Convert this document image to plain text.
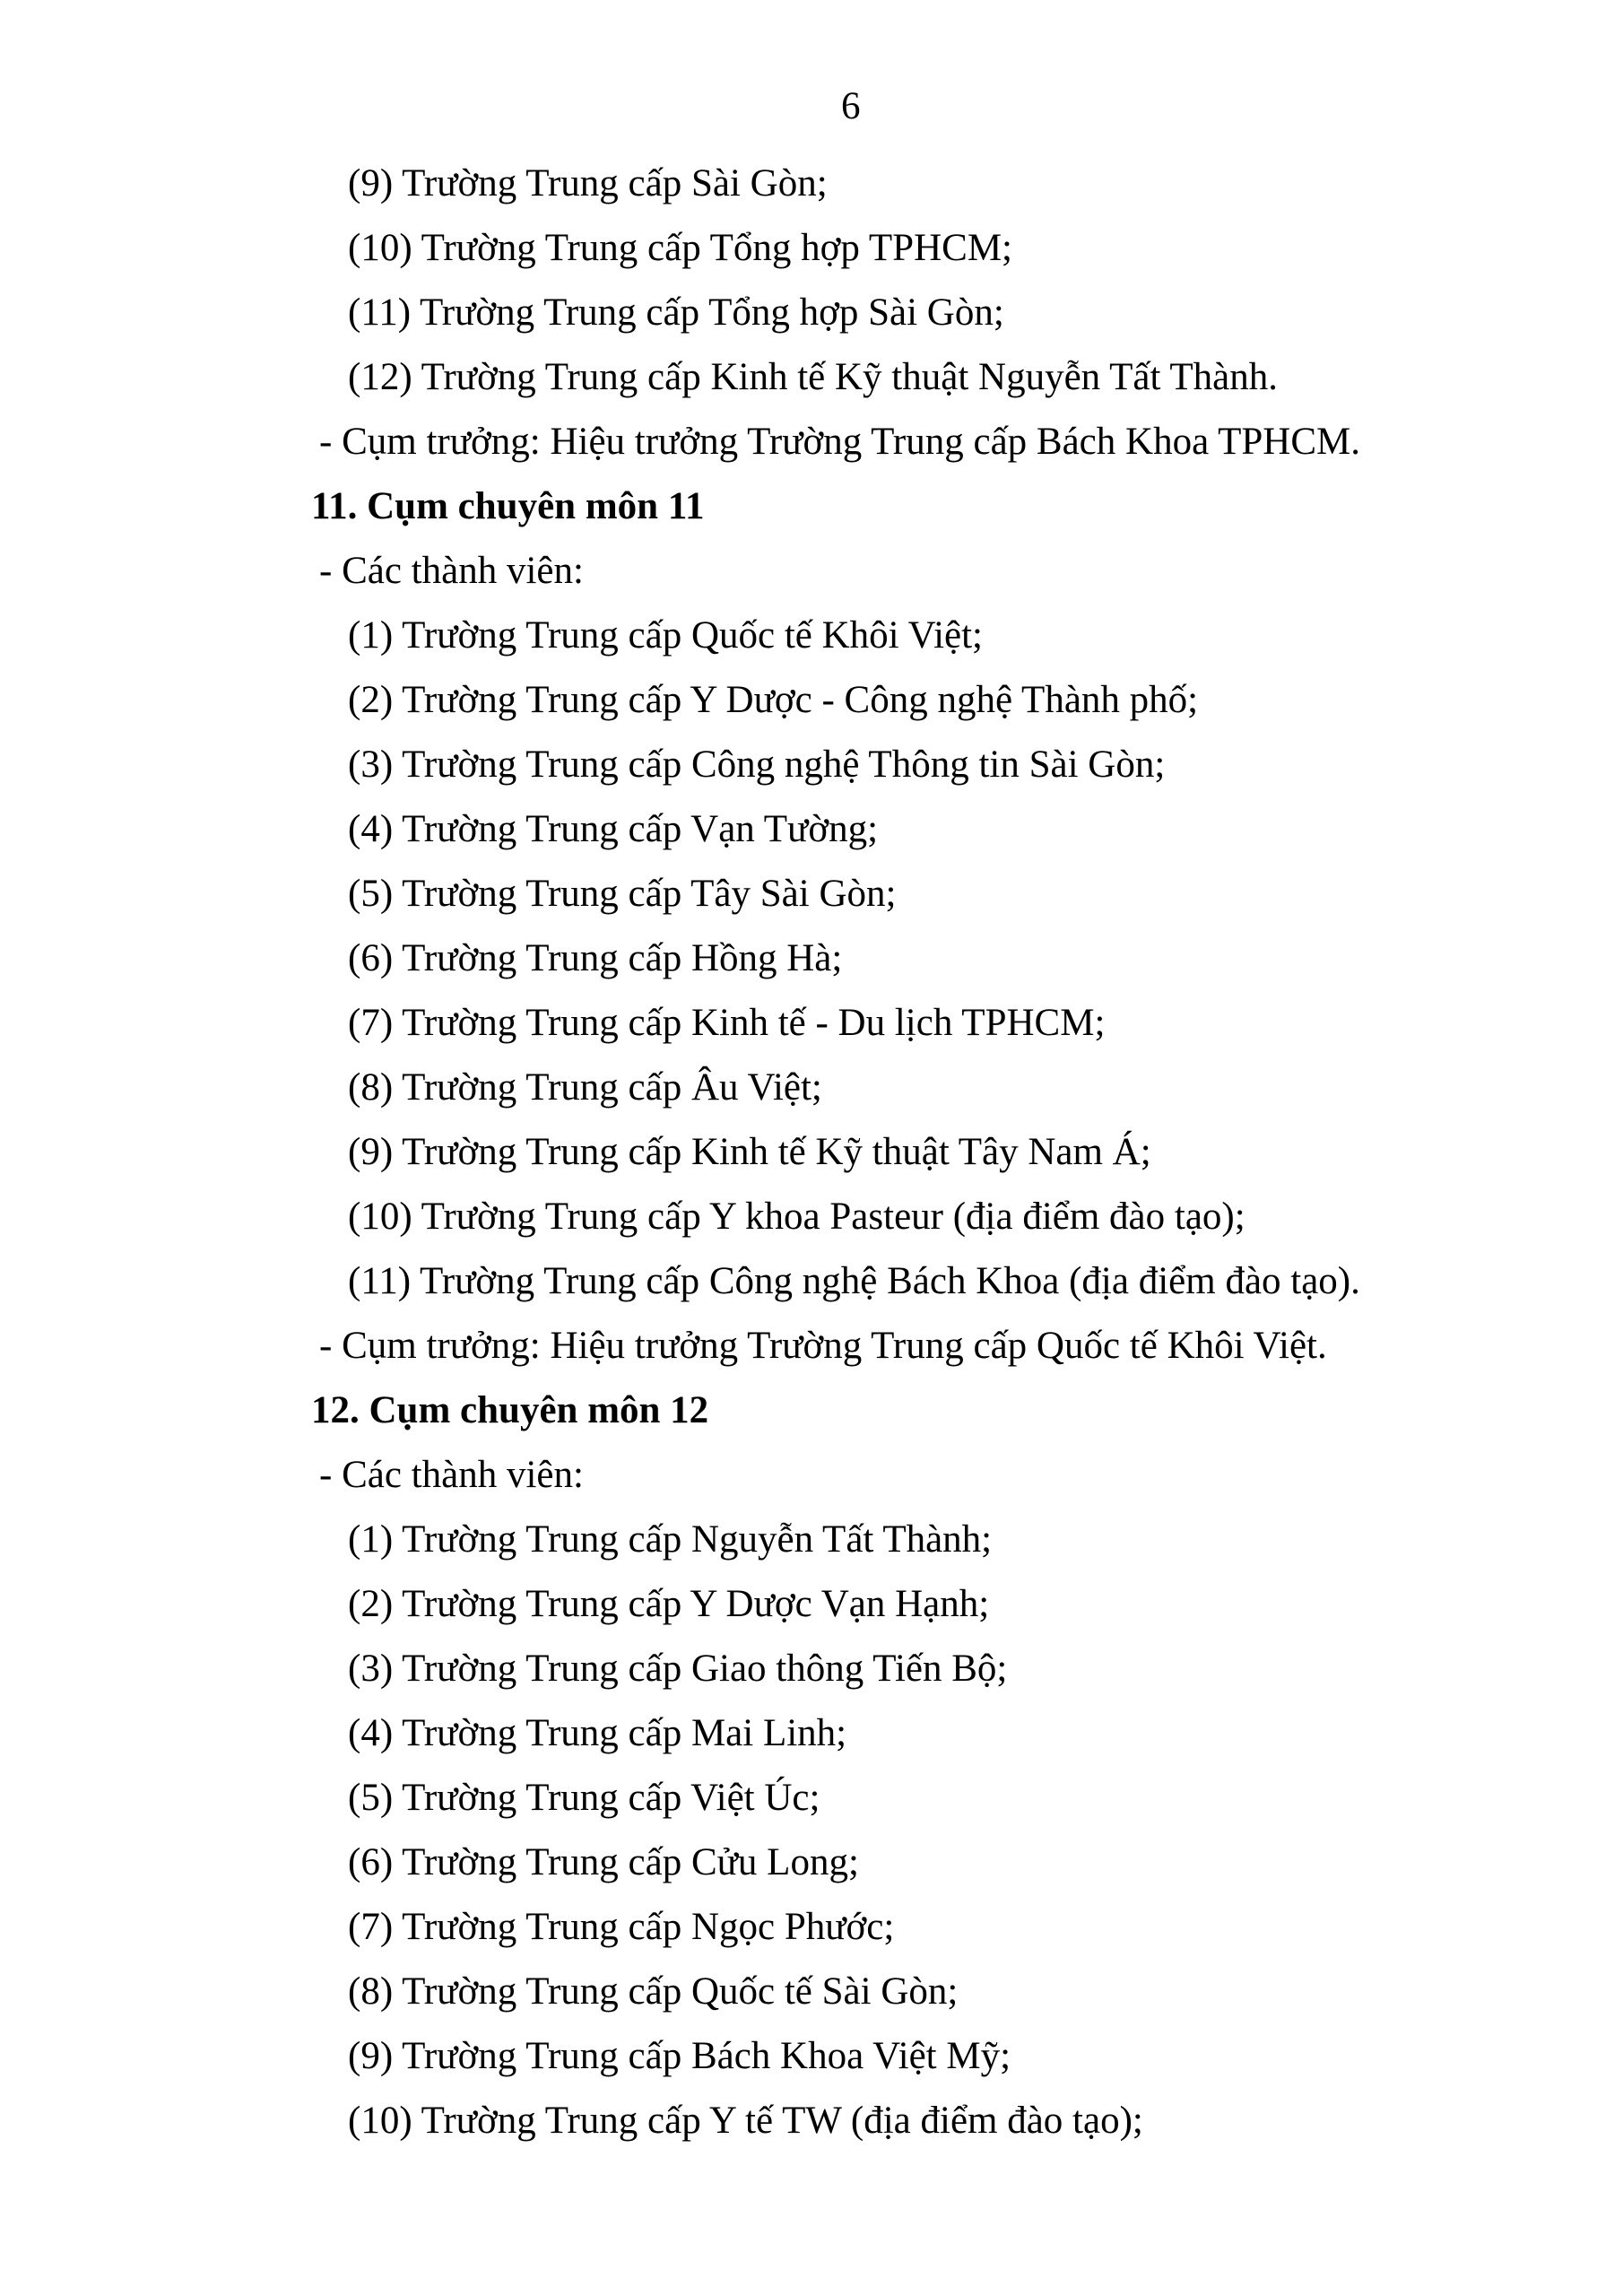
6
(9) Trường Trung cấp Sài Gòn;
(10) Trường Trung cấp Tổng hợp TPHCM;
(11) Trường Trung cấp Tổng hợp Sài Gòn;
(12) Trường Trung cấp Kinh tế Kỹ thuật Nguyễn Tất Thành.
- Cụm trưởng: Hiệu trưởng Trường Trung cấp Bách Khoa TPHCM.
11. Cụm chuyên môn 11
- Các thành viên:
(1) Trường Trung cấp Quốc tế Khôi Việt;
(2) Trường Trung cấp Y Dược - Công nghệ Thành phố;
(3) Trường Trung cấp Công nghệ Thông tin Sài Gòn;
(4) Trường Trung cấp Vạn Tường;
(5) Trường Trung cấp Tây Sài Gòn;
(6) Trường Trung cấp Hồng Hà;
(7) Trường Trung cấp Kinh tế - Du lịch TPHCM;
(8) Trường Trung cấp Âu Việt;
(9) Trường Trung cấp Kinh tế Kỹ thuật Tây Nam Á;
(10) Trường Trung cấp Y khoa Pasteur (địa điểm đào tạo);
(11) Trường Trung cấp Công nghệ Bách Khoa (địa điểm đào tạo).
- Cụm trưởng: Hiệu trưởng Trường Trung cấp Quốc tế Khôi Việt.
12. Cụm chuyên môn 12
- Các thành viên:
(1) Trường Trung cấp Nguyễn Tất Thành;
(2) Trường Trung cấp Y Dược Vạn Hạnh;
(3) Trường Trung cấp Giao thông Tiến Bộ;
(4) Trường Trung cấp Mai Linh;
(5) Trường Trung cấp Việt Úc;
(6) Trường Trung cấp Cửu Long;
(7) Trường Trung cấp Ngọc Phước;
(8) Trường Trung cấp Quốc tế Sài Gòn;
(9) Trường Trung cấp Bách Khoa Việt Mỹ;
(10) Trường Trung cấp Y tế TW (địa điểm đào tạo);
